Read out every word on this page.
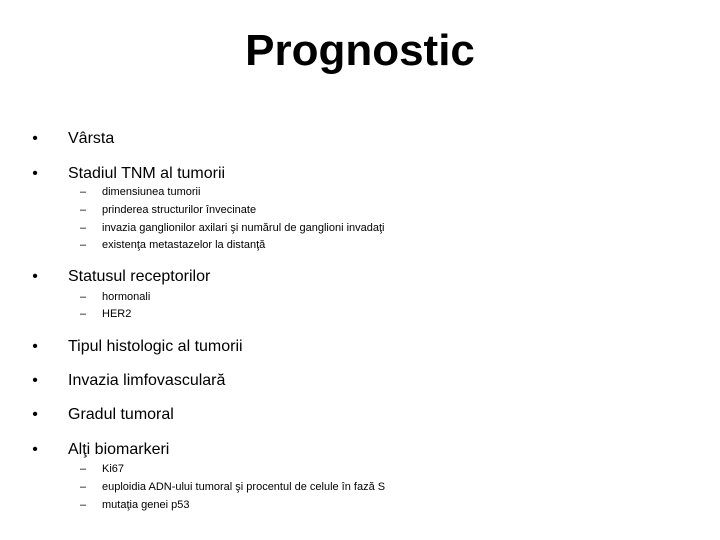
Prognostic
• Vârsta
• Stadiul TNM al tumorii
– dimensiunea tumorii
– prinderea structurilor învecinate
– invazia ganglionilor axilari şi numărul de ganglioni invadaţi
– existenţa metastazelor la distanţă
• Statusul receptorilor
– hormonali
– HER2
• Tipul histologic al tumorii
• Invazia limfovasculară
• Gradul tumoral
• Alţi biomarkeri
– Ki67
– euploidia ADN-ului tumoral şi procentul de celule în fază S
– mutaţia genei p53
